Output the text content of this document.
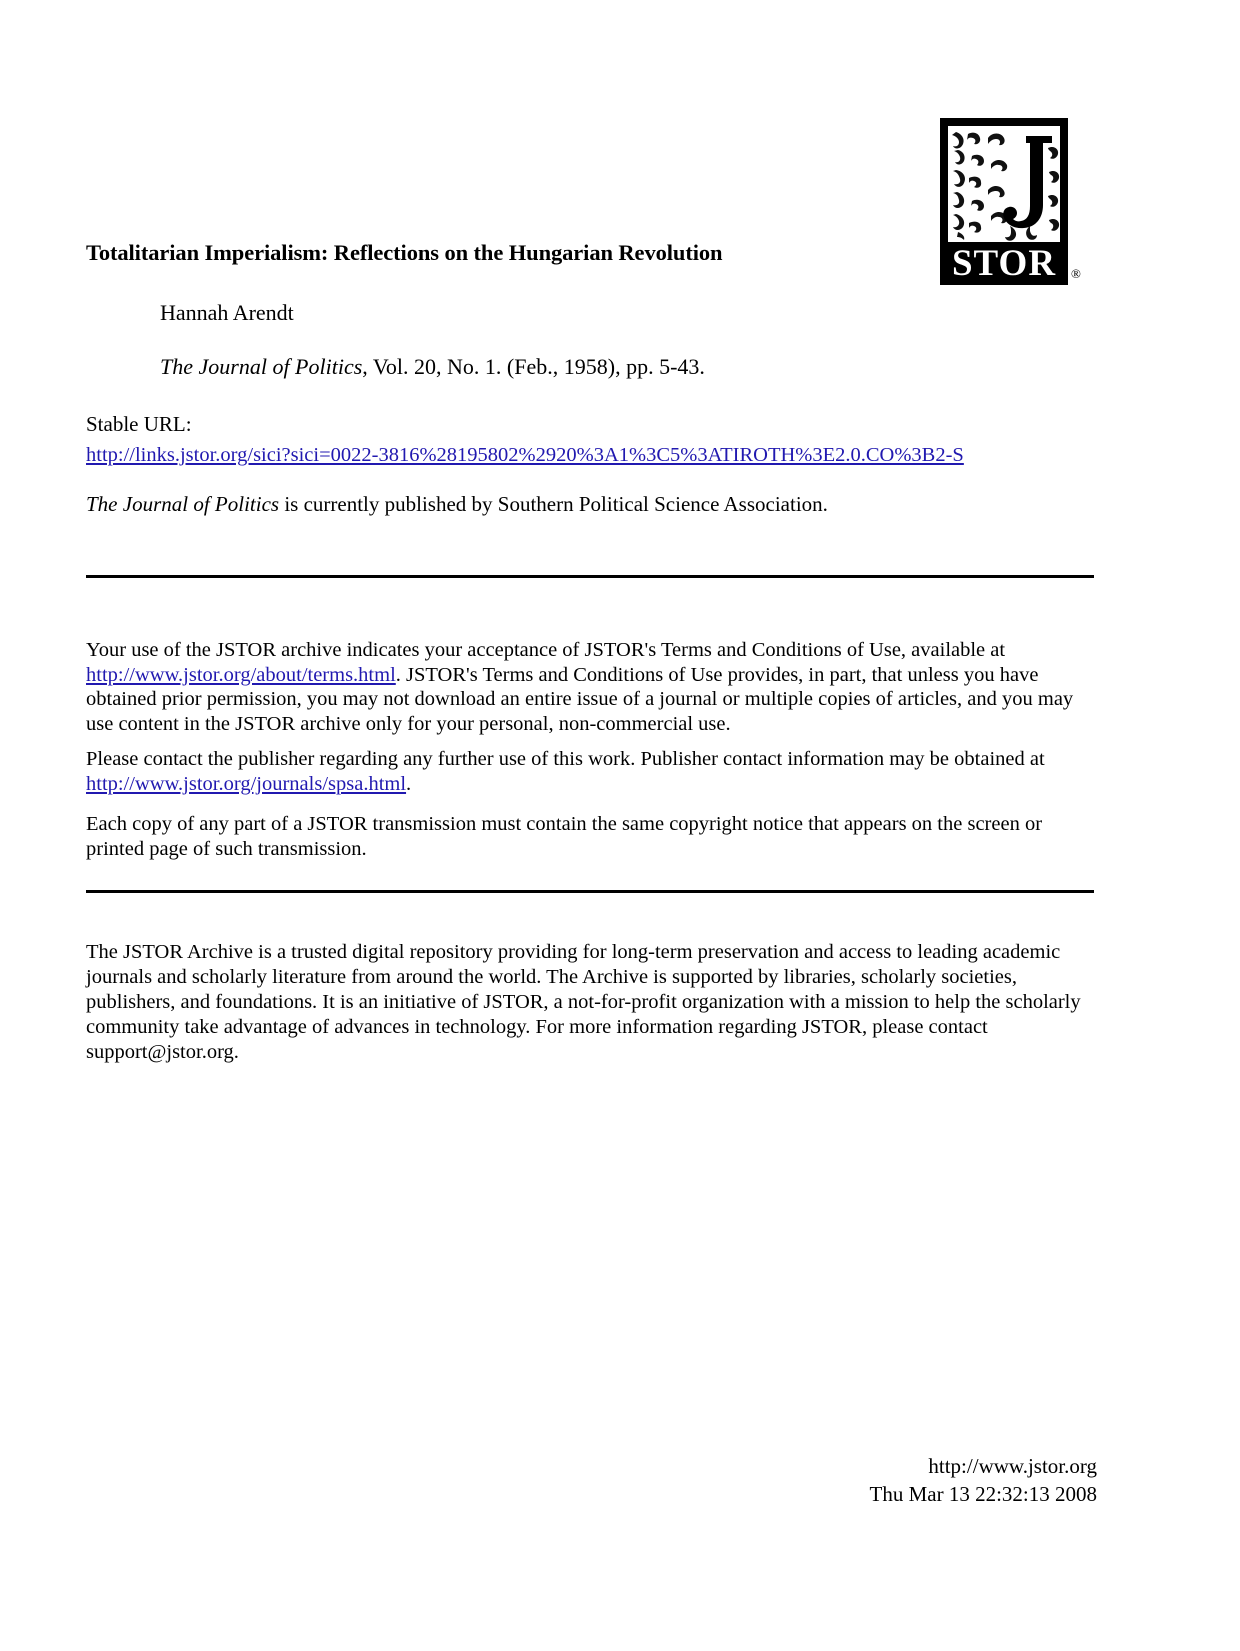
STOR	®
Totalitarian Imperialism: Reflections on the Hungarian Revolution
Hannah Arendt
The Journal of Politics, Vol. 20, No. 1. (Feb., 1958), pp. 5-43.
Stable URL:
http://links.jstor.org/sici?sici=0022-3816%28195802%2920%3A1%3C5%3ATIROTH%3E2.0.CO%3B2-S
The Journal of Politics is currently published by Southern Political Science Association.
Your use of the JSTOR archive indicates your acceptance of JSTOR's Terms and Conditions of Use, available at http://www.jstor.org/about/terms.html. JSTOR's Terms and Conditions of Use provides, in part, that unless you have obtained prior permission, you may not download an entire issue of a journal or multiple copies of articles, and you may use content in the JSTOR archive only for your personal, non-commercial use.
Please contact the publisher regarding any further use of this work. Publisher contact information may be obtained at http://www.jstor.org/journals/spsa.html.
Each copy of any part of a JSTOR transmission must contain the same copyright notice that appears on the screen or printed page of such transmission.
The JSTOR Archive is a trusted digital repository providing for long-term preservation and access to leading academic journals and scholarly literature from around the world. The Archive is supported by libraries, scholarly societies, publishers, and foundations. It is an initiative of JSTOR, a not-for-profit organization with a mission to help the scholarly community take advantage of advances in technology. For more information regarding JSTOR, please contact support@jstor.org.
http://www.jstor.org
Thu Mar 13 22:32:13 2008
